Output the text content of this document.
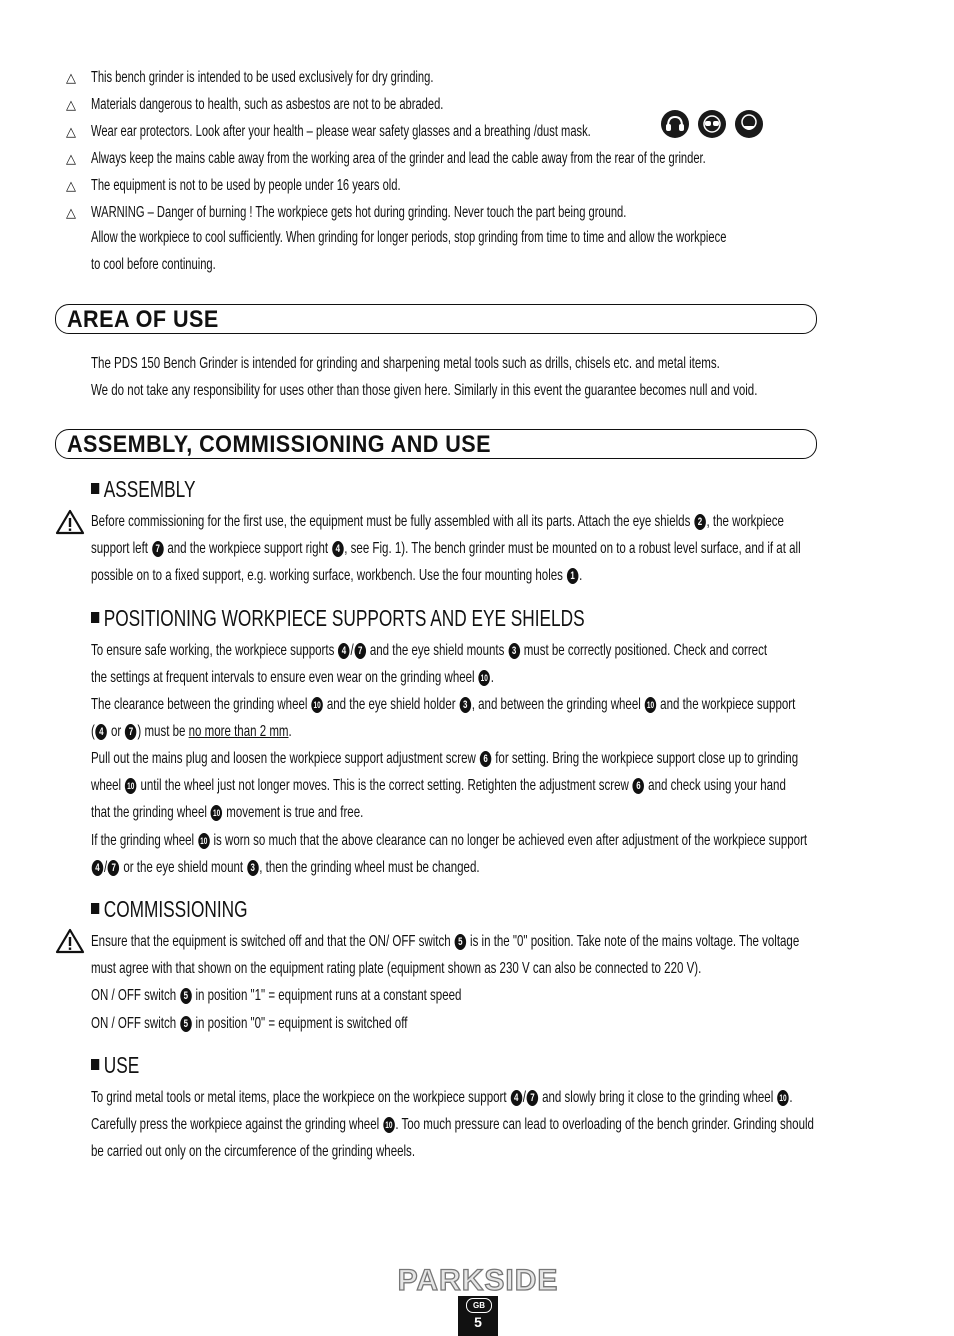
△ This bench grinder is intended to be used exclusively for dry grinding.
△ Materials dangerous to health, such as asbestos are not to be abraded.
△ Wear ear protectors. Look after your health – please wear safety glasses and a breathing /dust mask.
△ Always keep the mains cable away from the working area of the grinder and lead the cable away from the rear of the grinder.
△ The equipment is not to be used by people under 16 years old.
△ WARNING – Danger of burning ! The workpiece gets hot during grinding. Never touch the part being ground.
Allow the workpiece to cool sufficiently. When grinding for longer periods, stop grinding from time to time and allow the workpiece
to cool before continuing.
AREA OF USE
The PDS 150 Bench Grinder is intended for grinding and sharpening metal tools such as drills, chisels etc. and metal items.
We do not take any responsibility for uses other than those given here. Similarly in this event the guarantee becomes null and void.
ASSEMBLY, COMMISSIONING AND USE
ASSEMBLY
Before commissioning for the first use, the equipment must be fully assembled with all its parts. Attach the eye shields 2 , the workpiece
support left 7 and the workpiece support right 4 , see Fig. 1). The bench grinder must be mounted on to a robust level surface, and if at all
possible on to a fixed support, e.g. working surface, workbench. Use the four mounting holes 1 .
POSITIONING WORKPIECE SUPPORTS AND EYE SHIELDS
To ensure safe working, the workpiece supports 4 / 7 and the eye shield mounts 3 must be correctly positioned. Check and correct
the settings at frequent intervals to ensure even wear on the grinding wheel 10 .
The clearance between the grinding wheel 10 and the eye shield holder 3 , and between the grinding wheel 10 and the workpiece support
( 4 or 7 ) must be no more than 2 mm.
Pull out the mains plug and loosen the workpiece support adjustment screw 6 for setting. Bring the workpiece support close up to grinding
wheel 10 until the wheel just not longer moves. This is the correct setting. Retighten the adjustment screw 6 and check using your hand
that the grinding wheel 10 movement is true and free.
If the grinding wheel 10 is worn so much that the above clearance can no longer be achieved even after adjustment of the workpiece support
4 / 7 or the eye shield mount 3 , then the grinding wheel must be changed.
COMMISSIONING
Ensure that the equipment is switched off and that the ON/ OFF switch 5 is in the "0" position. Take note of the mains voltage. The voltage
must agree with that shown on the equipment rating plate (equipment shown as 230 V can also be connected to 220 V).
ON / OFF switch 5 in position "1" = equipment runs at a constant speed
ON / OFF switch 5 in position "0" = equipment is switched off
USE
To grind metal tools or metal items, place the workpiece on the workpiece support 4 / 7 and slowly bring it close to the grinding wheel 10 .
Carefully press the workpiece against the grinding wheel 10 . Too much pressure can lead to overloading of the bench grinder. Grinding should
be carried out only on the circumference of the grinding wheels.
PARKSIDE
GB
5
